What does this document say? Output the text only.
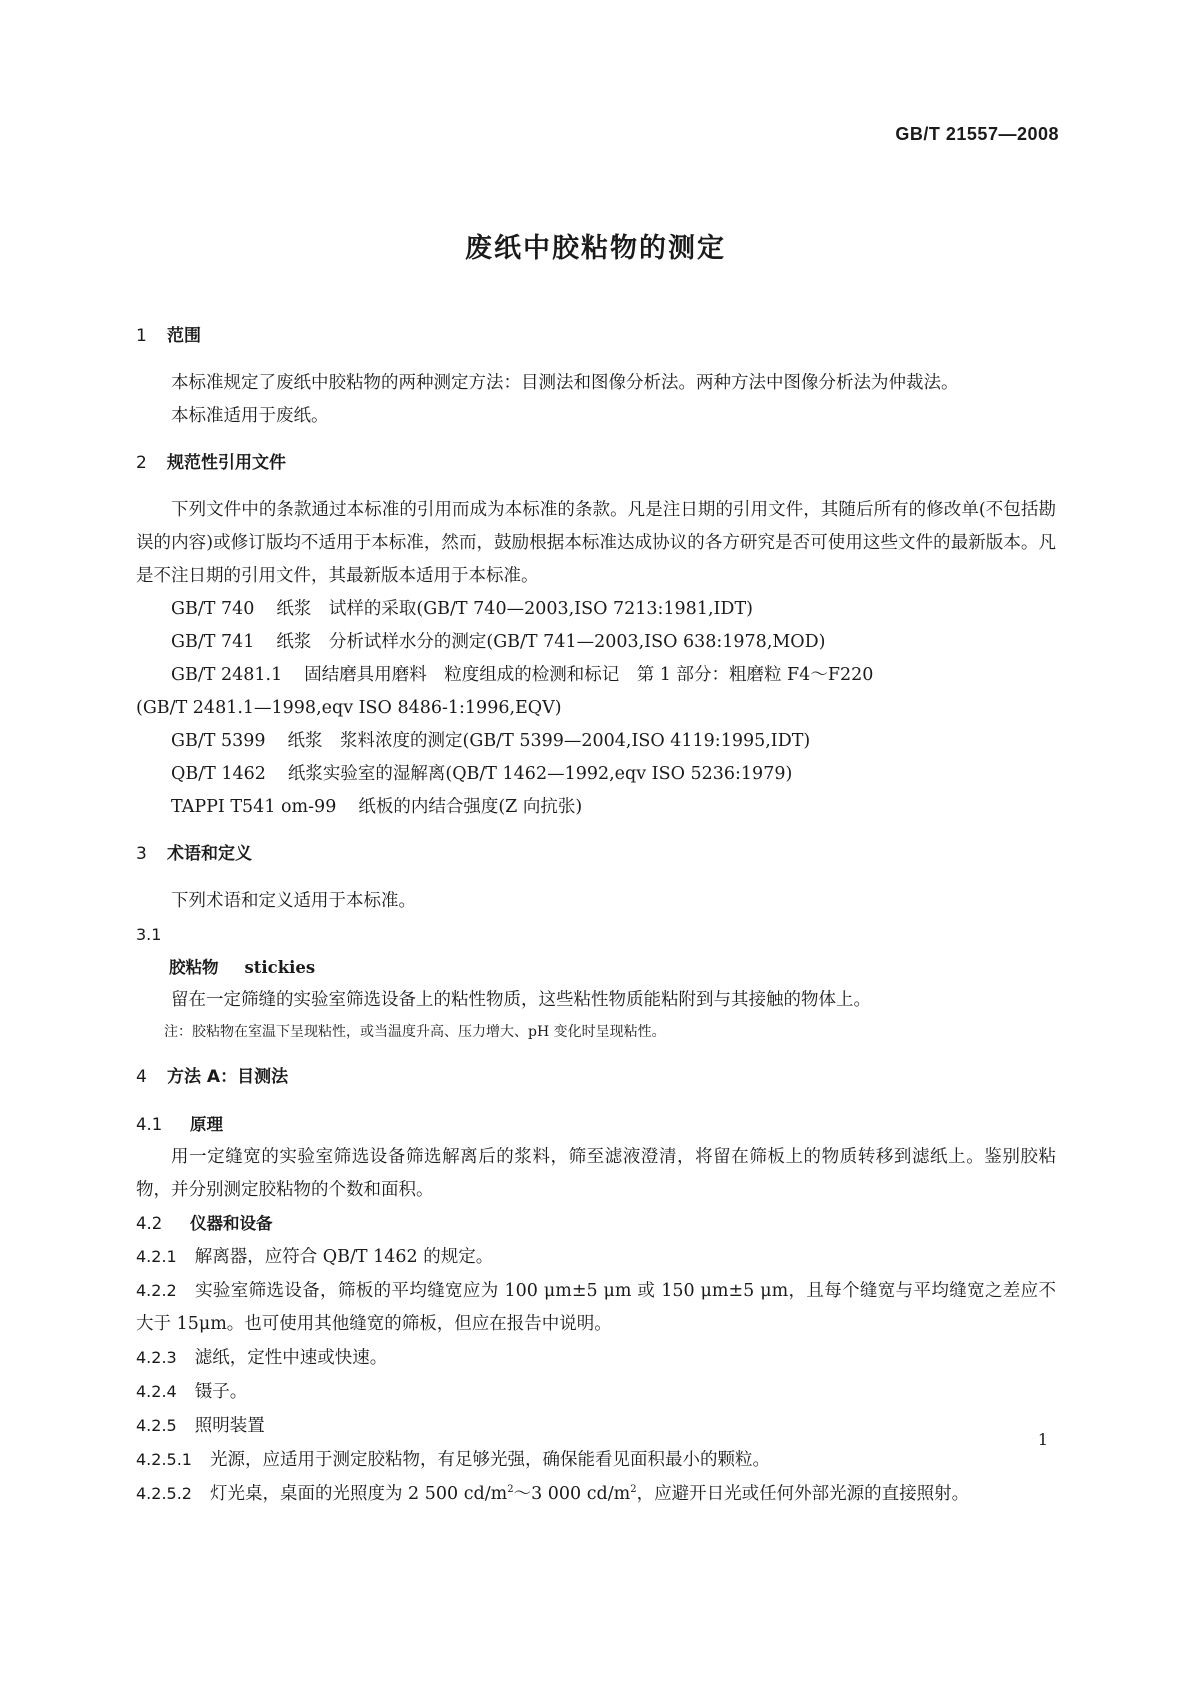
GB/T 21557—2008
废纸中胶粘物的测定
1 范围
本标准规定了废纸中胶粘物的两种测定方法：目测法和图像分析法。两种方法中图像分析法为仲裁法。
本标准适用于废纸。
2 规范性引用文件
下列文件中的条款通过本标准的引用而成为本标准的条款。凡是注日期的引用文件，其随后所有的修改单(不包括勘误的内容)或修订版均不适用于本标准，然而，鼓励根据本标准达成协议的各方研究是否可使用这些文件的最新版本。凡是不注日期的引用文件，其最新版本适用于本标准。
GB/T 740 纸浆　试样的采取(GB/T 740—2003,ISO 7213:1981,IDT)
GB/T 741 纸浆　分析试样水分的测定(GB/T 741—2003,ISO 638:1978,MOD)
GB/T 2481.1 固结磨具用磨料　粒度组成的检测和标记　第 1 部分：粗磨粒 F4～F220
(GB/T 2481.1—1998,eqv ISO 8486-1:1996,EQV)
GB/T 5399 纸浆　浆料浓度的测定(GB/T 5399—2004,ISO 4119:1995,IDT)
QB/T 1462 纸浆实验室的湿解离(QB/T 1462—1992,eqv ISO 5236:1979)
TAPPI T541 om-99 纸板的内结合强度(Z 向抗张)
3 术语和定义
下列术语和定义适用于本标准。
3.1
胶粘物 stickies
留在一定筛缝的实验室筛选设备上的粘性物质，这些粘性物质能粘附到与其接触的物体上。
注：胶粘物在室温下呈现粘性，或当温度升高、压力增大、pH 变化时呈现粘性。
4 方法 A：目测法
4.1 原理
用一定缝宽的实验室筛选设备筛选解离后的浆料，筛至滤液澄清，将留在筛板上的物质转移到滤纸上。鉴别胶粘物，并分别测定胶粘物的个数和面积。
4.2 仪器和设备
4.2.1 解离器，应符合 QB/T 1462 的规定。
4.2.2 实验室筛选设备，筛板的平均缝宽应为 100 μm±5 μm 或 150 μm±5 μm，且每个缝宽与平均缝宽之差应不大于 15μm。也可使用其他缝宽的筛板，但应在报告中说明。
4.2.3 滤纸，定性中速或快速。
4.2.4 镊子。
4.2.5 照明装置
4.2.5.1 光源，应适用于测定胶粘物，有足够光强，确保能看见面积最小的颗粒。
4.2.5.2 灯光桌，桌面的光照度为 2 500 $cd/m^2\sim 3$ 000 $cd/m^2$，应避开日光或任何外部光源的直接照射。
1
